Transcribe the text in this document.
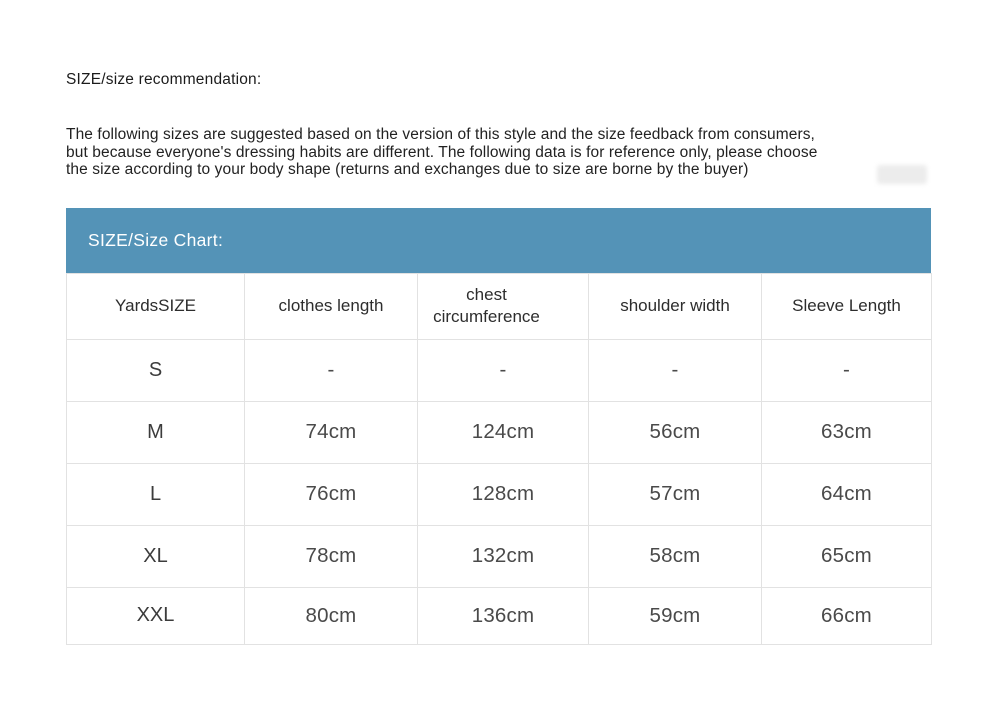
SIZE/size recommendation:
The following sizes are suggested based on the version of this style and the size feedback from consumers,
but because everyone's dressing habits are different. The following data is for reference only, please choose
the size according to your body shape (returns and exchanges due to size are borne by the buyer)
SIZE/Size Chart:
YardsSIZE	clothes length	chest circumference	shoulder width	Sleeve Length
S	-	-	-	-
M	74cm	124cm	56cm	63cm
L	76cm	128cm	57cm	64cm
XL	78cm	132cm	58cm	65cm
XXL	80cm	136cm	59cm	66cm
